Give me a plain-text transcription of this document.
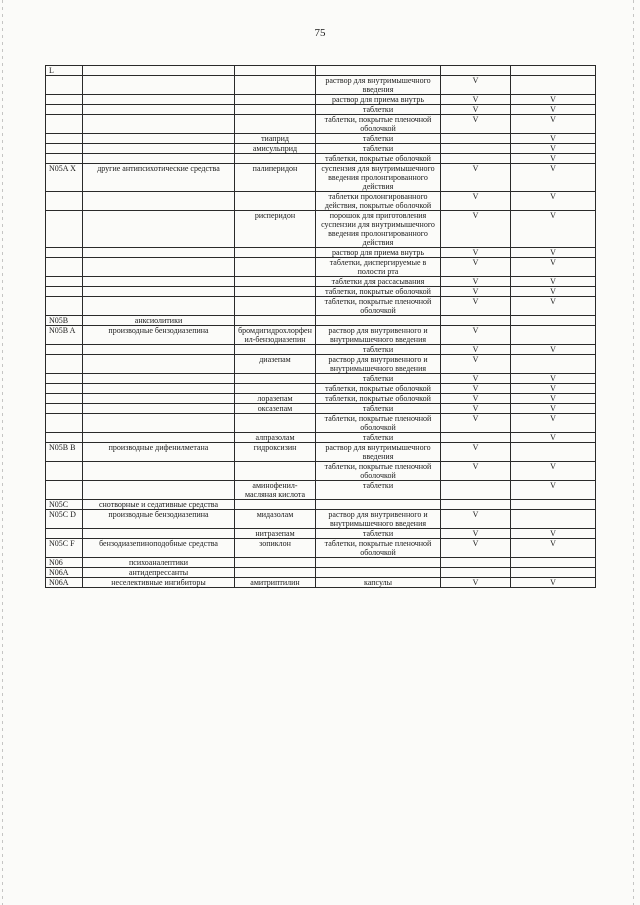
75
L					
			раствор для внутримышечного введения	V	
			раствор для приема внутрь	V	V
			таблетки	V	V
			таблетки, покрытые пленочной оболочкой	V	V
		тиаприд	таблетки		V
		амисульприд	таблетки		V
			таблетки, покрытые оболочкой		V
N05A X	другие антипсихотические средства	палиперидон	суспензия для внутримышечного введения пролонгированного действия	V	V
			таблетки пролонгированного действия, покрытые оболочкой	V	V
		рисперидон	порошок для приготовления суспензии для внутримышечного введения пролонгированного действия	V	V
			раствор для приема внутрь	V	V
			таблетки, диспергируемые в полости рта	V	V
			таблетки для рассасывания	V	V
			таблетки, покрытые оболочкой	V	V
			таблетки, покрытые пленочной оболочкой	V	V
N05B	анксиолитики				
N05B A	производные бензодиазепина	бромдигидрохлорфенил-бензодиазепин	раствор для внутривенного и внутримышечного введения	V	
			таблетки	V	V
		диазепам	раствор для внутривенного и внутримышечного введения	V	
			таблетки	V	V
			таблетки, покрытые оболочкой	V	V
		лоразепам	таблетки, покрытые оболочкой	V	V
		оксазепам	таблетки	V	V
			таблетки, покрытые пленочной оболочкой	V	V
		алпразолам	таблетки		V
N05B B	производные дифенилметана	гидроксизин	раствор для внутримышечного введения	V	
			таблетки, покрытые пленочной оболочкой	V	V
		аминофенил-масляная кислота	таблетки		V
N05C	снотворные и седативные средства				
N05C D	производные бензодиазепина	мидазолам	раствор для внутривенного и внутримышечного введения	V	
		нитразепам	таблетки	V	V
N05C F	бензодиазепиноподобные средства	зопиклон	таблетки, покрытые пленочной оболочкой	V	V
N06	психоаналептики				
N06A	антидепрессанты				
N06A	неселективные ингибиторы	амитриптилин	капсулы	V	V
